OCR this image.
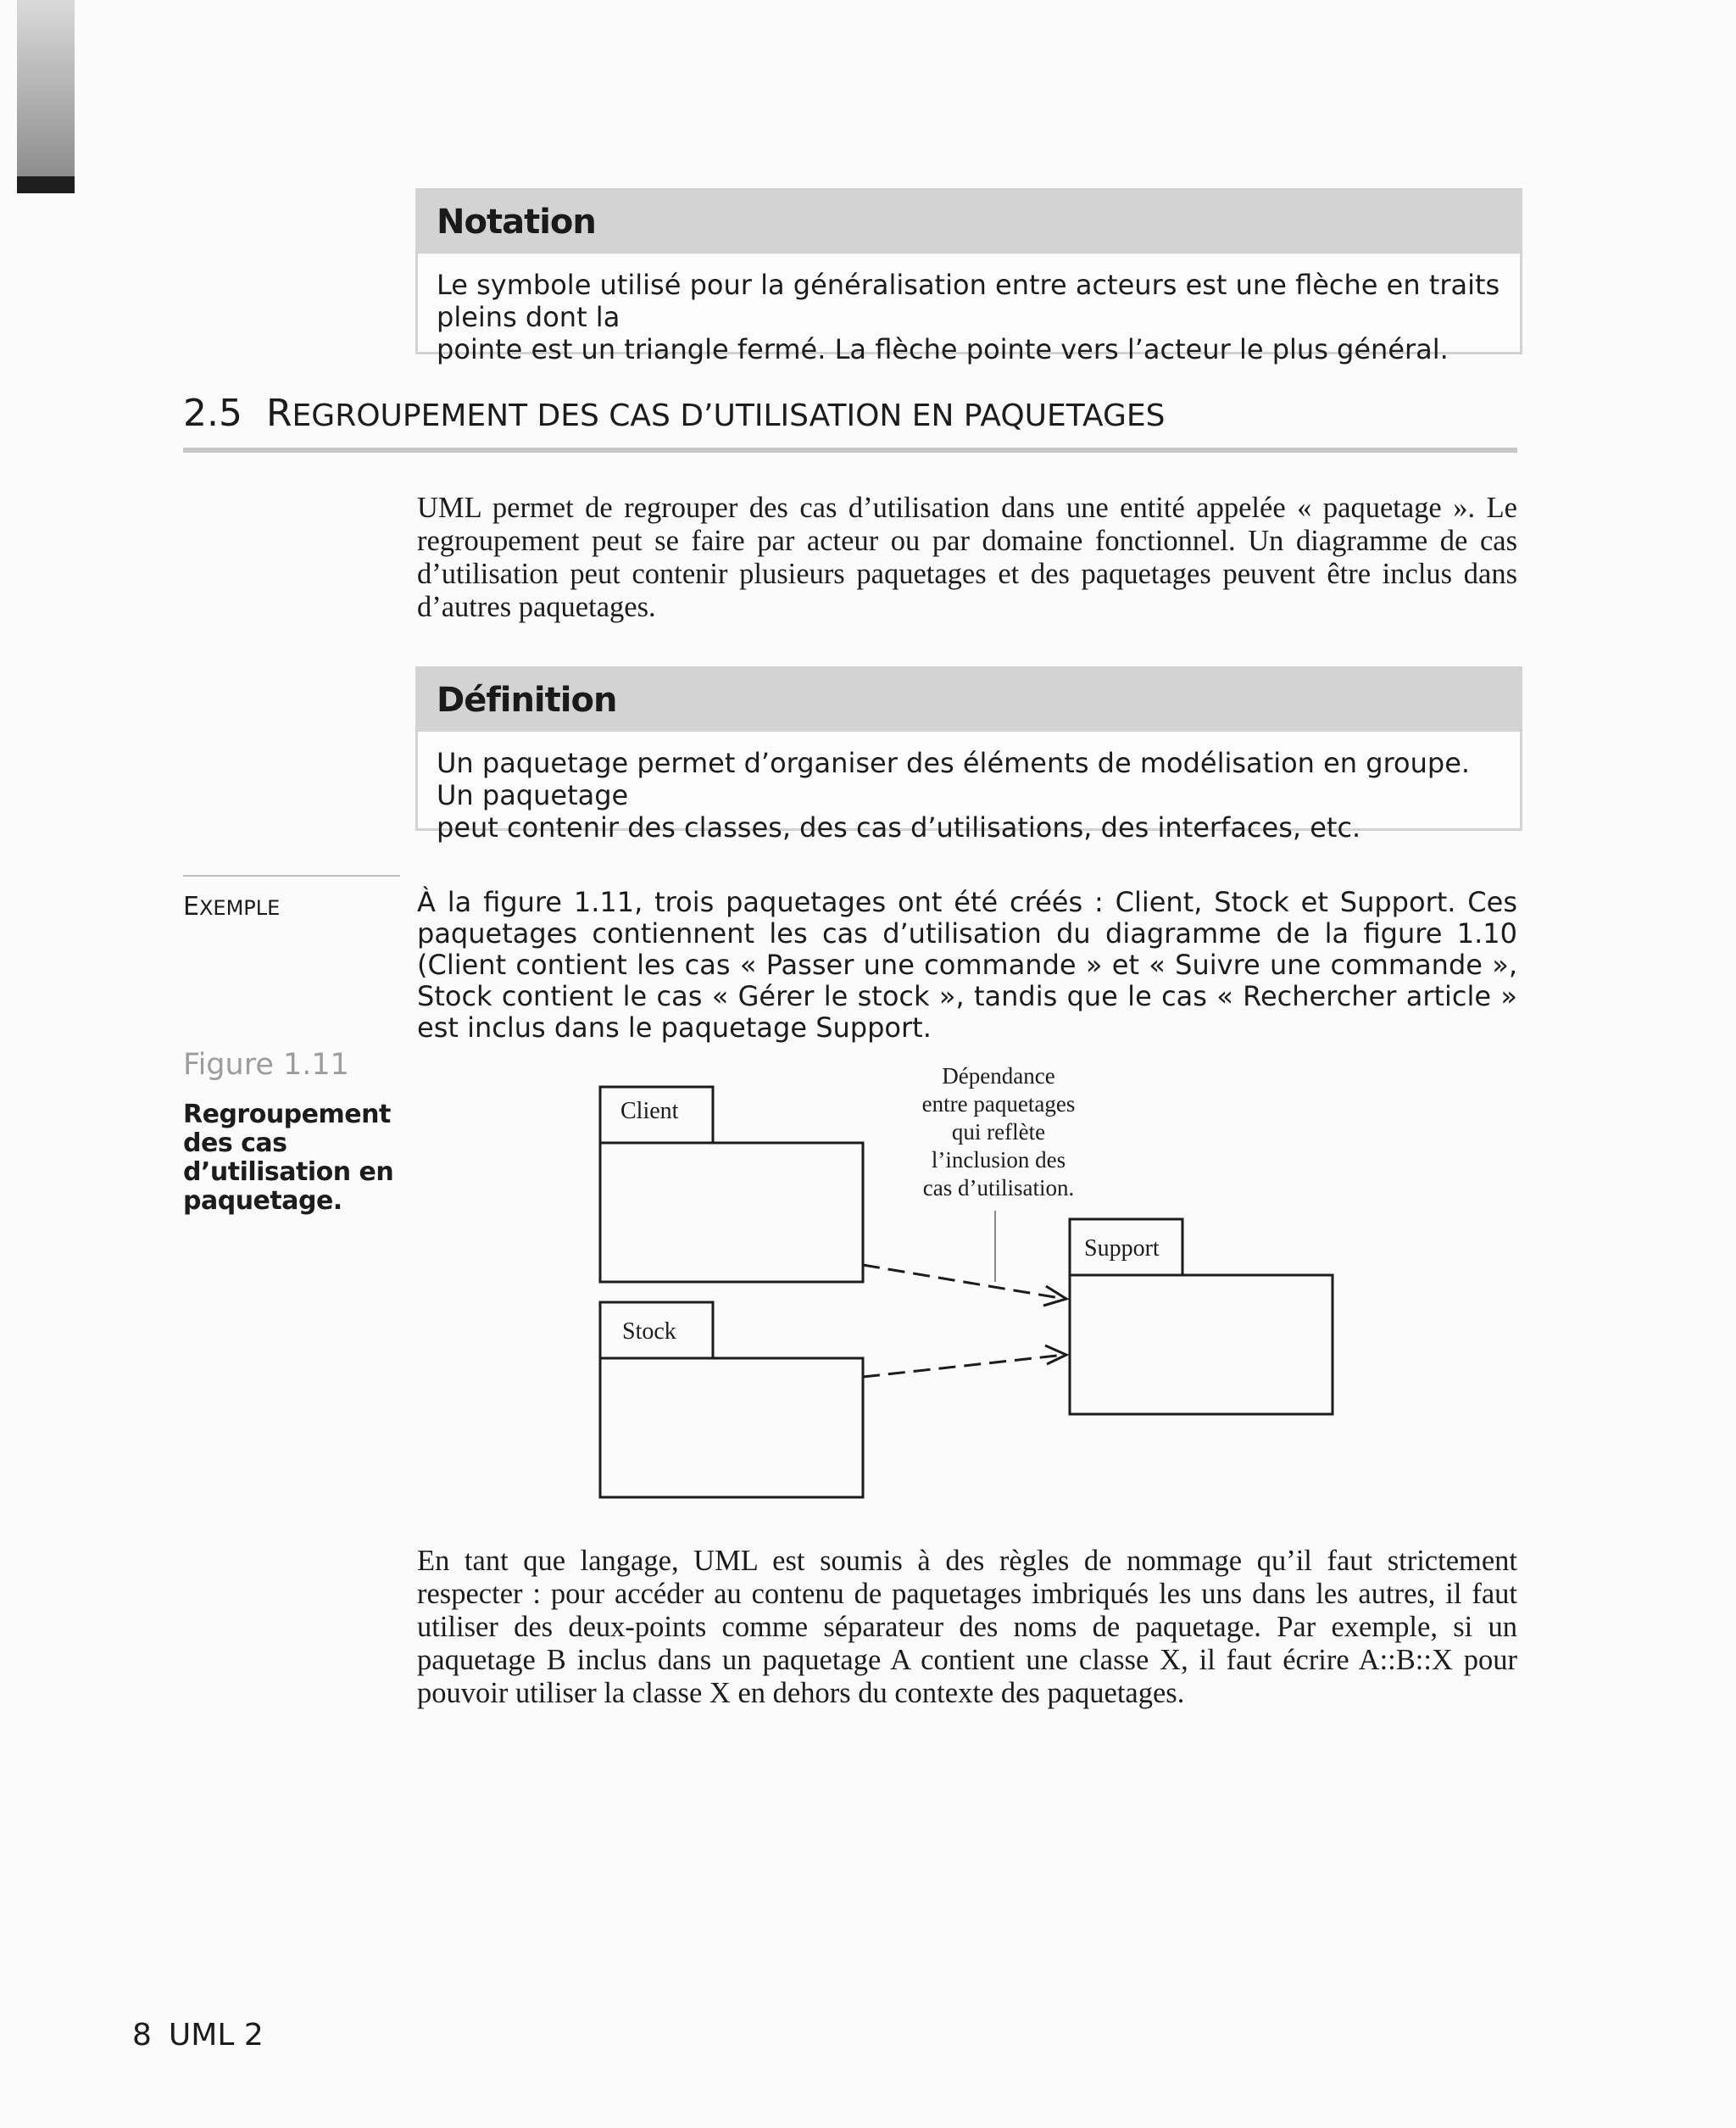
Notation
Le symbole utilisé pour la généralisation entre acteurs est une flèche en traits pleins dont la
pointe est un triangle fermé. La flèche pointe vers l’acteur le plus général.
2.5 REGROUPEMENT DES CAS D’UTILISATION EN PAQUETAGES
UML permet de regrouper des cas d’utilisation dans une entité appelée « paquetage ». Le regroupement peut se faire par acteur ou par domaine fonctionnel. Un diagramme de cas d’utilisation peut contenir plusieurs paquetages et des paquetages peuvent être inclus dans d’autres paquetages.
Définition
Un paquetage permet d’organiser des éléments de modélisation en groupe. Un paquetage
peut contenir des classes, des cas d’utilisations, des interfaces, etc.
EXEMPLE	À la figure 1.11, trois paquetages ont été créés : Client, Stock et Support. Ces paquetages contiennent les cas d’utilisation du diagramme de la figure 1.10 (Client contient les cas « Passer une commande » et « Suivre une commande », Stock contient le cas « Gérer le stock », tandis que le cas « Rechercher article » est inclus dans le paquetage Support.
Figure 1.11
Regroupement des cas d’utilisation en paquetage.
Client
Stock
Support
Dépendance
entre paquetages
qui reflète
l’inclusion des
cas d’utilisation.
En tant que langage, UML est soumis à des règles de nommage qu’il faut strictement respecter : pour accéder au contenu de paquetages imbriqués les uns dans les autres, il faut utiliser des deux-points comme séparateur des noms de paquetage. Par exemple, si un paquetage B inclus dans un paquetage A contient une classe X, il faut écrire A::B::X pour pouvoir utiliser la classe X en dehors du contexte des paquetages.
8 UML 2
